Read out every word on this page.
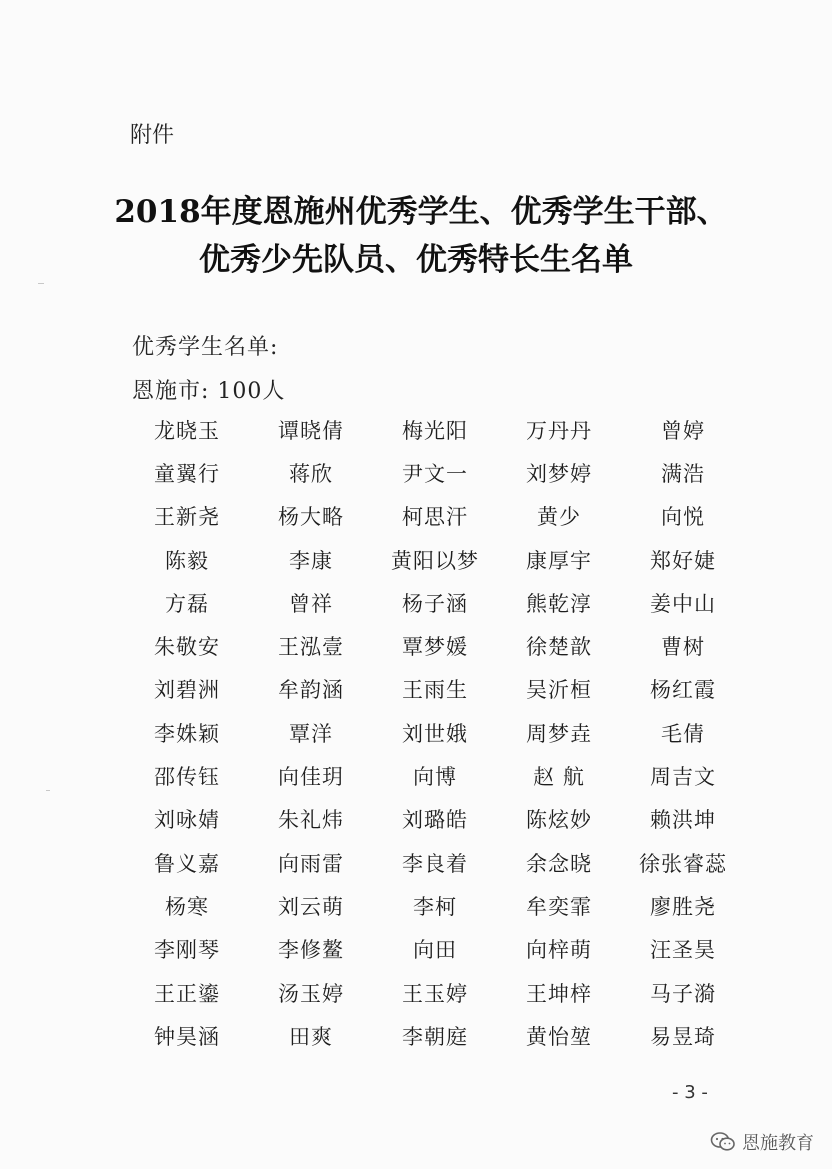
附件
2018年度恩施州优秀学生、优秀学生干部、
优秀少先队员、优秀特长生名单
优秀学生名单:
恩施市: 100人
龙晓玉	谭晓倩	梅光阳	万丹丹	曾婷
童翼行	蒋欣	尹文一	刘梦婷	满浩
王新尧	杨大略	柯思汗	黄少	向悦
陈毅	李康	黄阳以梦	康厚宇	郑好婕
方磊	曾祥	杨子涵	熊乾淳	姜中山
朱敬安	王泓壹	覃梦媛	徐楚歆	曹树
刘碧洲	牟韵涵	王雨生	吴沂桓	杨红霞
李姝颖	覃洋	刘世娥	周梦垚	毛倩
邵传钰	向佳玥	向博	赵 航	周吉文
刘咏婧	朱礼炜	刘璐皓	陈炫妙	赖洪坤
鲁义嘉	向雨雷	李良着	余念晓	徐张睿蕊
杨寒	刘云萌	李柯	牟奕霏	廖胜尧
李刚琴	李修鳌	向田	向梓萌	汪圣昊
王正鎏	汤玉婷	王玉婷	王坤梓	马子漪
钟昊涵	田爽	李朝庭	黄怡堃	易昱琦
- 3 -
恩施教育
